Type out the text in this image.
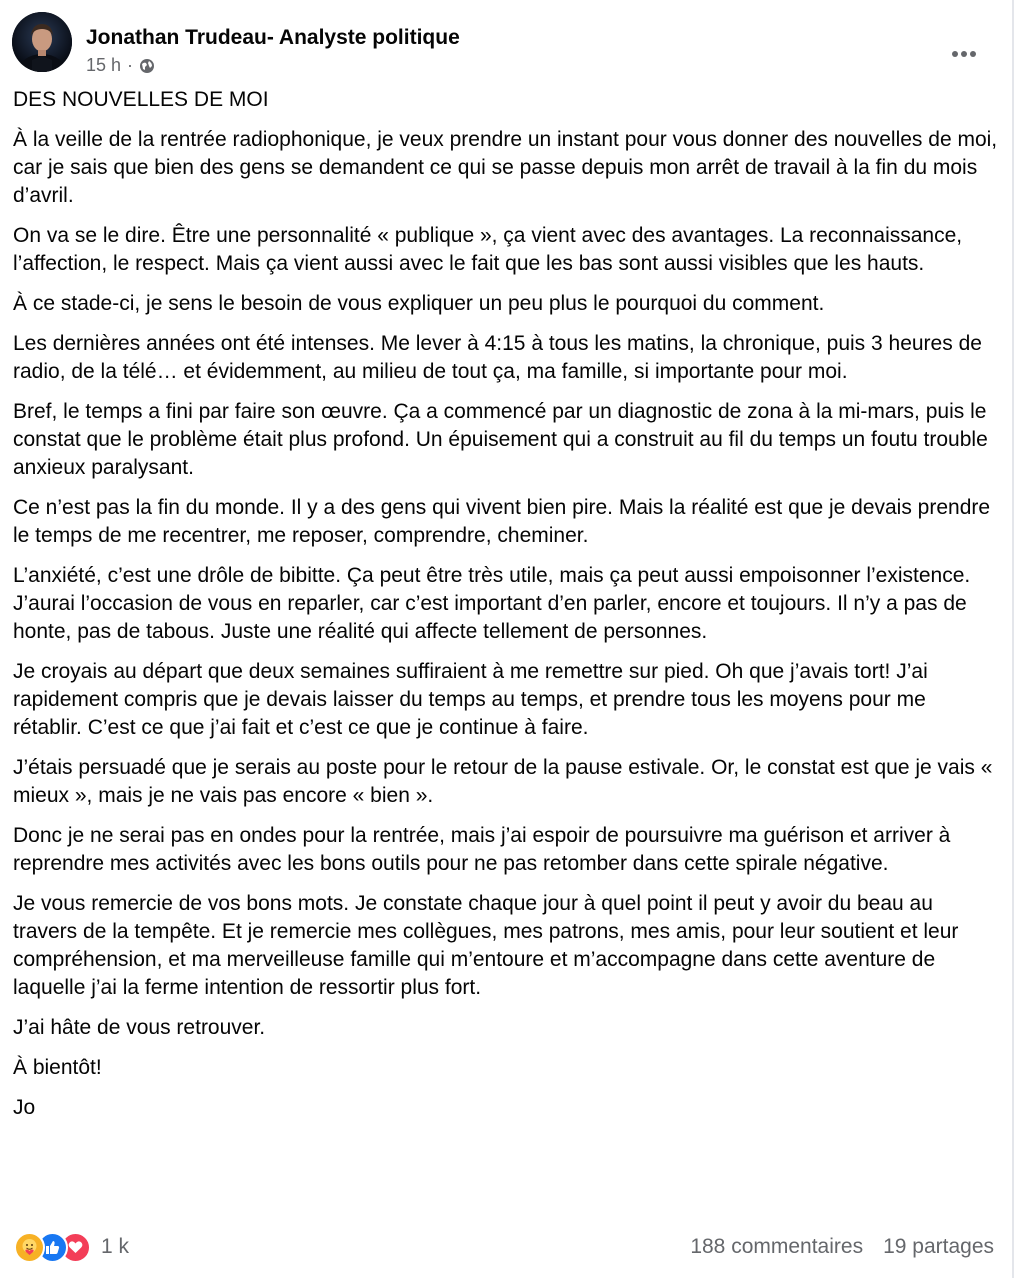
Jonathan Trudeau- Analyste politique
15 h ·

DES NOUVELLES DE MOI

À la veille de la rentrée radiophonique, je veux prendre un instant pour vous donner des nouvelles de moi, car je sais que bien des gens se demandent ce qui se passe depuis mon arrêt de travail à la fin du mois d’avril.

On va se le dire. Être une personnalité « publique », ça vient avec des avantages. La reconnaissance, l’affection, le respect. Mais ça vient aussi avec le fait que les bas sont aussi visibles que les hauts.

À ce stade-ci, je sens le besoin de vous expliquer un peu plus le pourquoi du comment.

Les dernières années ont été intenses. Me lever à 4:15 à tous les matins, la chronique, puis 3 heures de radio, de la télé… et évidemment, au milieu de tout ça, ma famille, si importante pour moi.

Bref, le temps a fini par faire son œuvre. Ça a commencé par un diagnostic de zona à la mi-mars, puis le constat que le problème était plus profond. Un épuisement qui a construit au fil du temps un foutu trouble anxieux paralysant.

Ce n’est pas la fin du monde. Il y a des gens qui vivent bien pire. Mais la réalité est que je devais prendre le temps de me recentrer, me reposer, comprendre, cheminer.

L’anxiété, c’est une drôle de bibitte. Ça peut être très utile, mais ça peut aussi empoisonner l’existence. J’aurai l’occasion de vous en reparler, car c’est important d’en parler, encore et toujours. Il n’y a pas de honte, pas de tabous. Juste une réalité qui affecte tellement de personnes.

Je croyais au départ que deux semaines suffiraient à me remettre sur pied. Oh que j’avais tort! J’ai rapidement compris que je devais laisser du temps au temps, et prendre tous les moyens pour me rétablir. C’est ce que j’ai fait et c’est ce que je continue à faire.

J’étais persuadé que je serais au poste pour le retour de la pause estivale. Or, le constat est que je vais « mieux », mais je ne vais pas encore « bien ».

Donc je ne serai pas en ondes pour la rentrée, mais j’ai espoir de poursuivre ma guérison et arriver à reprendre mes activités avec les bons outils pour ne pas retomber dans cette spirale négative.

Je vous remercie de vos bons mots. Je constate chaque jour à quel point il peut y avoir du beau au travers de la tempête. Et je remercie mes collègues, mes patrons, mes amis, pour leur soutient et leur compréhension, et ma merveilleuse famille qui m’entoure et m’accompagne dans cette aventure de laquelle j’ai la ferme intention de ressortir plus fort.

J’ai hâte de vous retrouver.

À bientôt!

Jo

1 k	188 commentaires 19 partages
